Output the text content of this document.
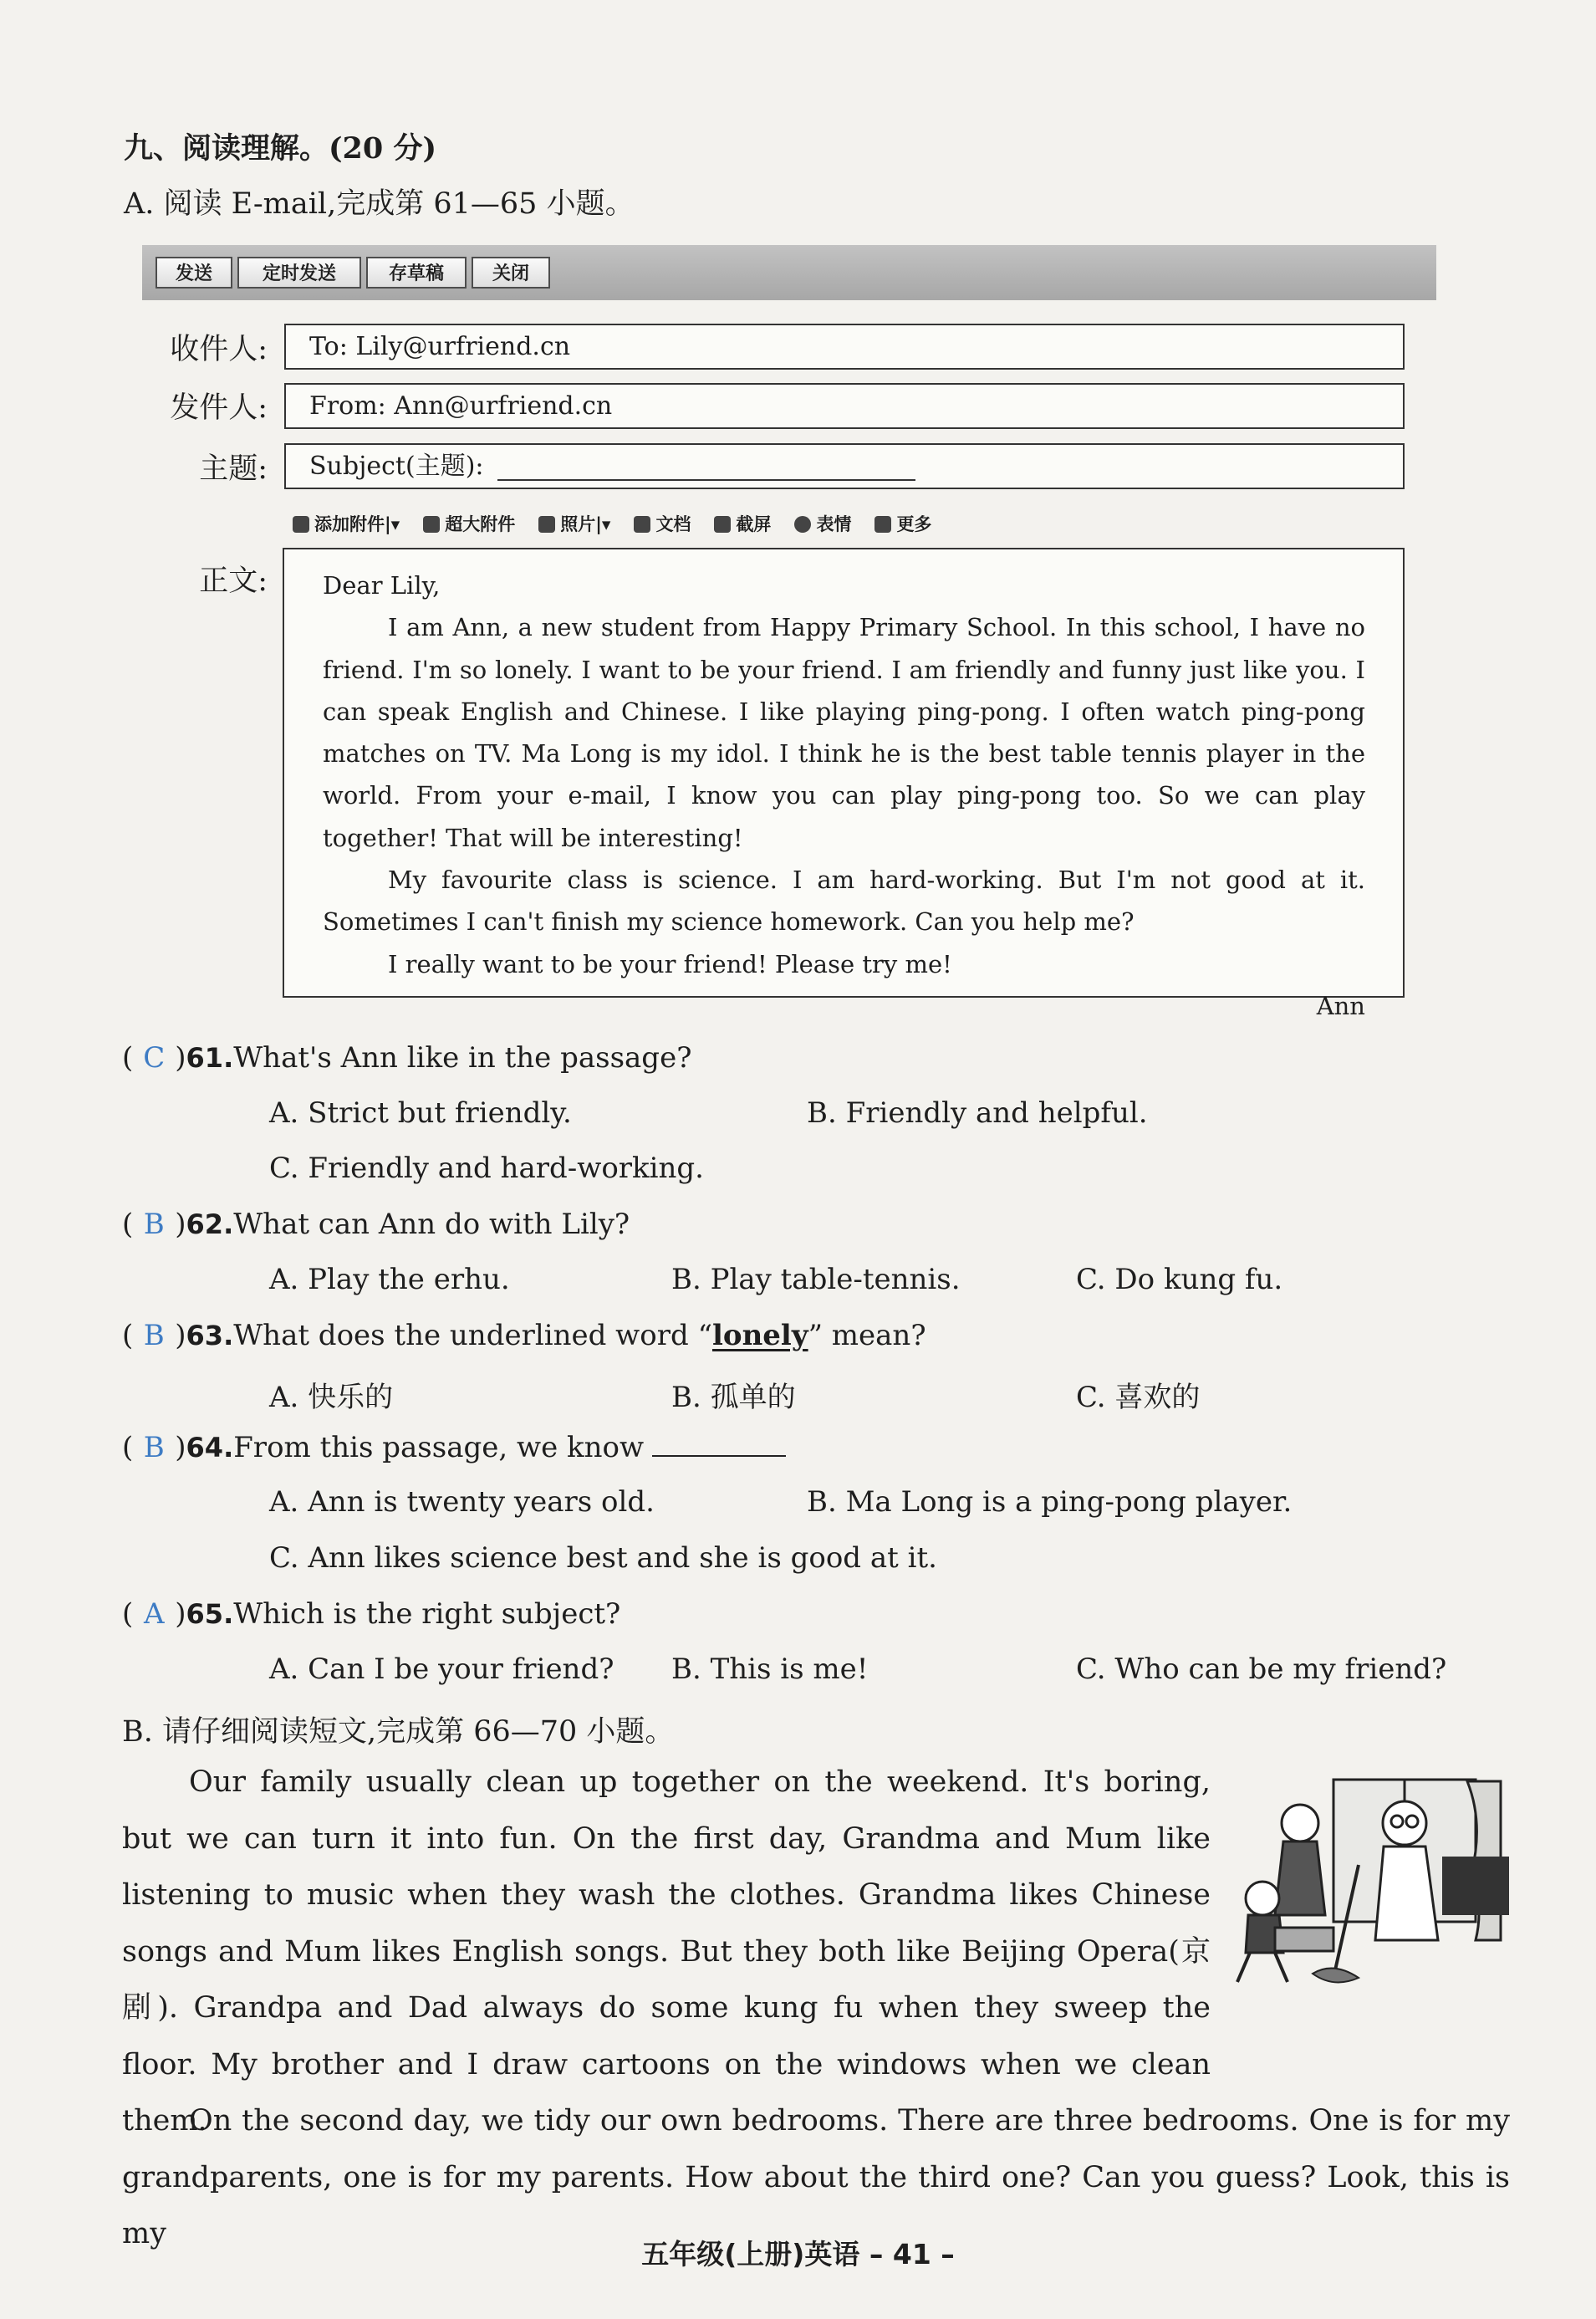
九、阅读理解。(20 分)
A. 阅读 E-mail,完成第 61—65 小题。
发送	定时发送	存草稿	关闭
收件人:	To: Lily@urfriend.cn
发件人:	From: Ann@urfriend.cn
主题:	Subject(主题):
添加附件|▾	超大附件	照片|▾	文档	截屏	表情	更多
正文: Dear Lily,

I am Ann, a new student from Happy Primary School. In this school, I have no friend. I'm so lonely. I want to be your friend. I am friendly and funny just like you. I can speak English and Chinese. I like playing ping-pong. I often watch ping-pong matches on TV. Ma Long is my idol. I think he is the best table tennis player in the world. From your e-mail, I know you can play ping-pong too. So we can play together! That will be interesting!

My favourite class is science. I am hard-working. But I'm not good at it. Sometimes I can't finish my science homework. Can you help me?

I really want to be your friend! Please try me!

Ann

( C )61.What's Ann like in the passage?
A. Strict but friendly.	B. Friendly and helpful.
C. Friendly and hard-working.
( B )62.What can Ann do with Lily?
A. Play the erhu.	B. Play table-tennis.	C. Do kung fu.
( B )63.What does the underlined word “lonely” mean?
A. 快乐的	B. 孤单的	C. 喜欢的
( B )64.From this passage, we know
A. Ann is twenty years old.	B. Ma Long is a ping-pong player.
C. Ann likes science best and she is good at it.
( A )65.Which is the right subject?
A. Can I be your friend? B. This is me!	C. Who can be my friend?
B. 请仔细阅读短文,完成第 66—70 小题。
Our family usually clean up together on the weekend. It's boring, but we can turn it into fun. On the first day, Grandma and Mum like listening to music when they wash the clothes. Grandma likes Chinese songs and Mum likes English songs. But they both like Beijing Opera(京剧). Grandpa and Dad always do some kung fu when they sweep the floor. My brother and I draw cartoons on the windows when we clean them.
On the second day, we tidy our own bedrooms. There are three bedrooms. One is for my grandparents, one is for my parents. How about the third one? Can you guess? Look, this is my
五年级(上册)英语 – 41 –
